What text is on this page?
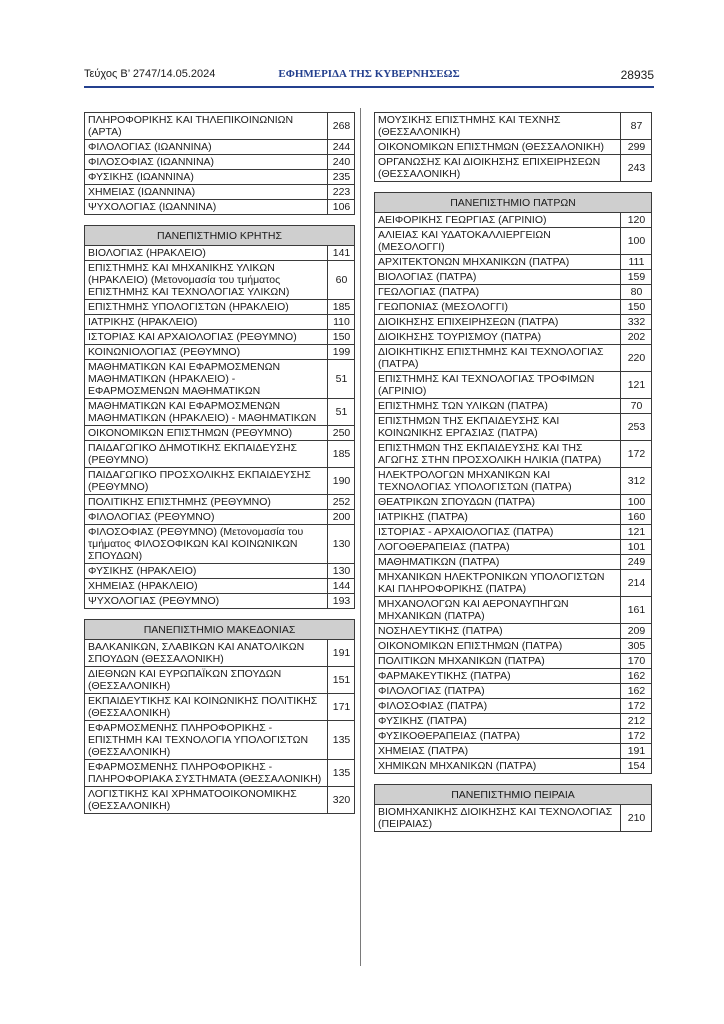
Τεύχος B’ 2747/14.05.2024	ΕΦΗΜΕΡΙΔΑ ΤΗΣ ΚΥΒΕΡΝΗΣΕΩΣ	28935
ΠΛΗΡΟΦΟΡΙΚΗΣ ΚΑΙ ΤΗΛΕΠΙΚΟΙΝΩΝΙΩΝ (ΑΡΤΑ)	268
ΦΙΛΟΛΟΓΙΑΣ (ΙΩΑΝΝΙΝΑ)	244
ΦΙΛΟΣΟΦΙΑΣ (ΙΩΑΝΝΙΝΑ)	240
ΦΥΣΙΚΗΣ (ΙΩΑΝΝΙΝΑ)	235
ΧΗΜΕΙΑΣ (ΙΩΑΝΝΙΝΑ)	223
ΨΥΧΟΛΟΓΙΑΣ (ΙΩΑΝΝΙΝΑ)	106
ΠΑΝΕΠΙΣΤΗΜΙΟ ΚΡΗΤΗΣ	
ΒΙΟΛΟΓΙΑΣ (ΗΡΑΚΛΕΙΟ)	141
ΕΠΙΣΤΗΜΗΣ ΚΑΙ ΜΗΧΑΝΙΚΗΣ ΥΛΙΚΩΝ (ΗΡΑΚΛΕΙΟ) (Μετονομασία του τμήματος ΕΠΙΣΤΗΜΗΣ ΚΑΙ ΤΕΧΝΟΛΟΓΙΑΣ ΥΛΙΚΩΝ)	60
ΕΠΙΣΤΗΜΗΣ ΥΠΟΛΟΓΙΣΤΩΝ (ΗΡΑΚΛΕΙΟ)	185
ΙΑΤΡΙΚΗΣ (ΗΡΑΚΛΕΙΟ)	110
ΙΣΤΟΡΙΑΣ ΚΑΙ ΑΡΧΑΙΟΛΟΓΙΑΣ (ΡΕΘΥΜΝΟ)	150
ΚΟΙΝΩΝΙΟΛΟΓΙΑΣ (ΡΕΘΥΜΝΟ)	199
ΜΑΘΗΜΑΤΙΚΩΝ ΚΑΙ ΕΦΑΡΜΟΣΜΕΝΩΝ ΜΑΘΗΜΑΤΙΚΩΝ (ΗΡΑΚΛΕΙΟ) - ΕΦΑΡΜΟΣΜΕΝΩΝ ΜΑΘΗΜΑΤΙΚΩΝ	51
ΜΑΘΗΜΑΤΙΚΩΝ ΚΑΙ ΕΦΑΡΜΟΣΜΕΝΩΝ ΜΑΘΗΜΑΤΙΚΩΝ (ΗΡΑΚΛΕΙΟ) - ΜΑΘΗΜΑΤΙΚΩΝ	51
ΟΙΚΟΝΟΜΙΚΩΝ ΕΠΙΣΤΗΜΩΝ (ΡΕΘΥΜΝΟ)	250
ΠΑΙΔΑΓΩΓΙΚΟ ΔΗΜΟΤΙΚΗΣ ΕΚΠΑΙΔΕΥΣΗΣ (ΡΕΘΥΜΝΟ)	185
ΠΑΙΔΑΓΩΓΙΚΟ ΠΡΟΣΧΟΛΙΚΗΣ ΕΚΠΑΙΔΕΥΣΗΣ (ΡΕΘΥΜΝΟ)	190
ΠΟΛΙΤΙΚΗΣ ΕΠΙΣΤΗΜΗΣ (ΡΕΘΥΜΝΟ)	252
ΦΙΛΟΛΟΓΙΑΣ (ΡΕΘΥΜΝΟ)	200
ΦΙΛΟΣΟΦΙΑΣ (ΡΕΘΥΜΝΟ) (Μετονομασία του τμήματος ΦΙΛΟΣΟΦΙΚΩΝ ΚΑΙ ΚΟΙΝΩΝΙΚΩΝ ΣΠΟΥΔΩΝ)	130
ΦΥΣΙΚΗΣ (ΗΡΑΚΛΕΙΟ)	130
ΧΗΜΕΙΑΣ (ΗΡΑΚΛΕΙΟ)	144
ΨΥΧΟΛΟΓΙΑΣ (ΡΕΘΥΜΝΟ)	193
ΠΑΝΕΠΙΣΤΗΜΙΟ ΜΑΚΕΔΟΝΙΑΣ	
ΒΑΛΚΑΝΙΚΩΝ, ΣΛΑΒΙΚΩΝ ΚΑΙ ΑΝΑΤΟΛΙΚΩΝ ΣΠΟΥΔΩΝ (ΘΕΣΣΑΛΟΝΙΚΗ)	191
ΔΙΕΘΝΩΝ ΚΑΙ ΕΥΡΩΠΑΪΚΩΝ ΣΠΟΥΔΩΝ (ΘΕΣΣΑΛΟΝΙΚΗ)	151
ΕΚΠΑΙΔΕΥΤΙΚΗΣ ΚΑΙ ΚΟΙΝΩΝΙΚΗΣ ΠΟΛΙΤΙΚΗΣ (ΘΕΣΣΑΛΟΝΙΚΗ)	171
ΕΦΑΡΜΟΣΜΕΝΗΣ ΠΛΗΡΟΦΟΡΙΚΗΣ - ΕΠΙΣΤΗΜΗ ΚΑΙ ΤΕΧΝΟΛΟΓΙΑ ΥΠΟΛΟΓΙΣΤΩΝ (ΘΕΣΣΑΛΟΝΙΚΗ)	135
ΕΦΑΡΜΟΣΜΕΝΗΣ ΠΛΗΡΟΦΟΡΙΚΗΣ - ΠΛΗΡΟΦΟΡΙΑΚΑ ΣΥΣΤΗΜΑΤΑ (ΘΕΣΣΑΛΟΝΙΚΗ)	135
ΛΟΓΙΣΤΙΚΗΣ ΚΑΙ ΧΡΗΜΑΤΟΟΙΚΟΝΟΜΙΚΗΣ (ΘΕΣΣΑΛΟΝΙΚΗ)	320
ΜΟΥΣΙΚΗΣ ΕΠΙΣΤΗΜΗΣ ΚΑΙ ΤΕΧΝΗΣ (ΘΕΣΣΑΛΟΝΙΚΗ)	87
ΟΙΚΟΝΟΜΙΚΩΝ ΕΠΙΣΤΗΜΩΝ (ΘΕΣΣΑΛΟΝΙΚΗ)	299
ΟΡΓΑΝΩΣΗΣ ΚΑΙ ΔΙΟΙΚΗΣΗΣ ΕΠΙΧΕΙΡΗΣΕΩΝ (ΘΕΣΣΑΛΟΝΙΚΗ)	243
ΠΑΝΕΠΙΣΤΗΜΙΟ ΠΑΤΡΩΝ	
ΑΕΙΦΟΡΙΚΗΣ ΓΕΩΡΓΙΑΣ (ΑΓΡΙΝΙΟ)	120
ΑΛΙΕΙΑΣ ΚΑΙ ΥΔΑΤΟΚΑΛΛΙΕΡΓΕΙΩΝ (ΜΕΣΟΛΟΓΓΙ)	100
ΑΡΧΙΤΕΚΤΟΝΩΝ ΜΗΧΑΝΙΚΩΝ (ΠΑΤΡΑ)	111
ΒΙΟΛΟΓΙΑΣ (ΠΑΤΡΑ)	159
ΓΕΩΛΟΓΙΑΣ (ΠΑΤΡΑ)	80
ΓΕΩΠΟΝΙΑΣ (ΜΕΣΟΛΟΓΓΙ)	150
ΔΙΟΙΚΗΣΗΣ ΕΠΙΧΕΙΡΗΣΕΩΝ (ΠΑΤΡΑ)	332
ΔΙΟΙΚΗΣΗΣ ΤΟΥΡΙΣΜΟΥ (ΠΑΤΡΑ)	202
ΔΙΟΙΚΗΤΙΚΗΣ ΕΠΙΣΤΗΜΗΣ ΚΑΙ ΤΕΧΝΟΛΟΓΙΑΣ (ΠΑΤΡΑ)	220
ΕΠΙΣΤΗΜΗΣ ΚΑΙ ΤΕΧΝΟΛΟΓΙΑΣ ΤΡΟΦΙΜΩΝ (ΑΓΡΙΝΙΟ)	121
ΕΠΙΣΤΗΜΗΣ ΤΩΝ ΥΛΙΚΩΝ (ΠΑΤΡΑ)	70
ΕΠΙΣΤΗΜΩΝ ΤΗΣ ΕΚΠΑΙΔΕΥΣΗΣ ΚΑΙ ΚΟΙΝΩΝΙΚΗΣ ΕΡΓΑΣΙΑΣ (ΠΑΤΡΑ)	253
ΕΠΙΣΤΗΜΩΝ ΤΗΣ ΕΚΠΑΙΔΕΥΣΗΣ ΚΑΙ ΤΗΣ ΑΓΩΓΗΣ ΣΤΗΝ ΠΡΟΣΧΟΛΙΚΗ ΗΛΙΚΙΑ (ΠΑΤΡΑ)	172
ΗΛΕΚΤΡΟΛΟΓΩΝ ΜΗΧΑΝΙΚΩΝ ΚΑΙ ΤΕΧΝΟΛΟΓΙΑΣ ΥΠΟΛΟΓΙΣΤΩΝ (ΠΑΤΡΑ)	312
ΘΕΑΤΡΙΚΩΝ ΣΠΟΥΔΩΝ (ΠΑΤΡΑ)	100
ΙΑΤΡΙΚΗΣ (ΠΑΤΡΑ)	160
ΙΣΤΟΡΙΑΣ - ΑΡΧΑΙΟΛΟΓΙΑΣ (ΠΑΤΡΑ)	121
ΛΟΓΟΘΕΡΑΠΕΙΑΣ (ΠΑΤΡΑ)	101
ΜΑΘΗΜΑΤΙΚΩΝ (ΠΑΤΡΑ)	249
ΜΗΧΑΝΙΚΩΝ ΗΛΕΚΤΡΟΝΙΚΩΝ ΥΠΟΛΟΓΙΣΤΩΝ ΚΑΙ ΠΛΗΡΟΦΟΡΙΚΗΣ (ΠΑΤΡΑ)	214
ΜΗΧΑΝΟΛΟΓΩΝ ΚΑΙ ΑΕΡΟΝΑΥΠΗΓΩΝ ΜΗΧΑΝΙΚΩΝ (ΠΑΤΡΑ)	161
ΝΟΣΗΛΕΥΤΙΚΗΣ (ΠΑΤΡΑ)	209
ΟΙΚΟΝΟΜΙΚΩΝ ΕΠΙΣΤΗΜΩΝ (ΠΑΤΡΑ)	305
ΠΟΛΙΤΙΚΩΝ ΜΗΧΑΝΙΚΩΝ (ΠΑΤΡΑ)	170
ΦΑΡΜΑΚΕΥΤΙΚΗΣ (ΠΑΤΡΑ)	162
ΦΙΛΟΛΟΓΙΑΣ (ΠΑΤΡΑ)	162
ΦΙΛΟΣΟΦΙΑΣ (ΠΑΤΡΑ)	172
ΦΥΣΙΚΗΣ (ΠΑΤΡΑ)	212
ΦΥΣΙΚΟΘΕΡΑΠΕΙΑΣ (ΠΑΤΡΑ)	172
ΧΗΜΕΙΑΣ (ΠΑΤΡΑ)	191
ΧΗΜΙΚΩΝ ΜΗΧΑΝΙΚΩΝ (ΠΑΤΡΑ)	154
ΠΑΝΕΠΙΣΤΗΜΙΟ ΠΕΙΡΑΙΑ
ΒΙΟΜΗΧΑΝΙΚΗΣ ΔΙΟΙΚΗΣΗΣ ΚΑΙ ΤΕΧΝΟΛΟΓΙΑΣ (ΠΕΙΡΑΙΑΣ)	210
